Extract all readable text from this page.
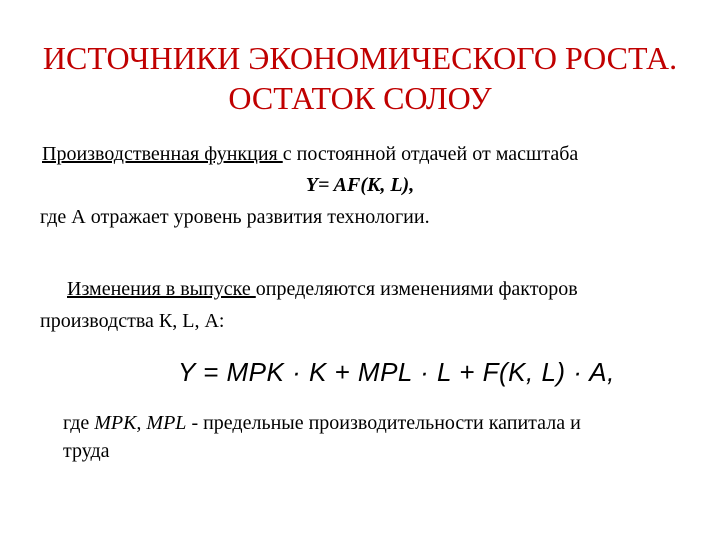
ИСТОЧНИКИ ЭКОНОМИЧЕСКОГО РОСТА.
ОСТАТОК СОЛОУ
Производственная функция с постоянной отдачей от масштаба
Y= AF(K, L),
где А отражает уровень развития технологии.
Изменения в выпуске определяются изменениями факторов
производства К, L, А:
Y = MPK · K + MPL · L + F(K, L) · A,
где МРК, MPL - предельные производительности капитала и
труда
